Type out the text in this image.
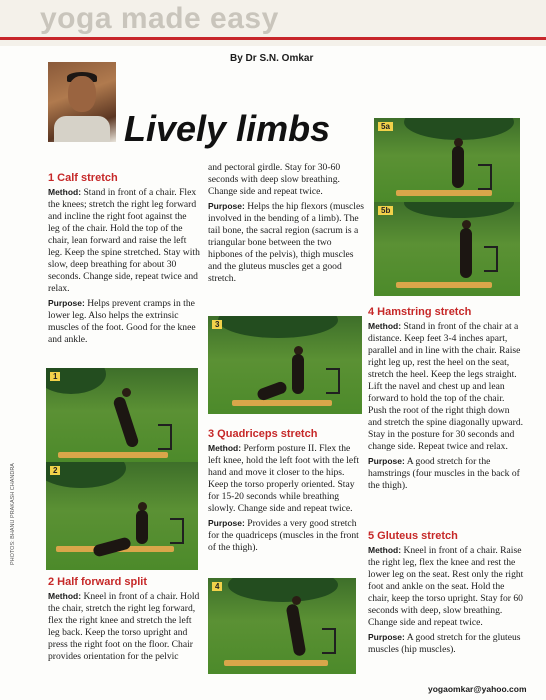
yoga made easy
By Dr S.N. Omkar
Lively limbs
1 Calf stretch

Method: Stand in front of a chair. Flex the knees; stretch the right leg forward and incline the right foot against the leg of the chair. Hold the top of the chair, lean forward and raise the left leg. Keep the spine stretched. Stay with slow, deep breathing for about 30 seconds. Change side, repeat twice and relax.

Purpose: Helps prevent cramps in the lower leg. Also helps the extrinsic muscles of the foot. Good for the knee and ankle.

1
2
PHOTOS: BHANU PRAKASH CHANDRA
2 Half forward split

Method: Kneel in front of a chair. Hold the chair, stretch the right leg forward, flex the right knee and stretch the left leg back. Keep the torso upright and press the right foot on the floor. Chair provides orientation for the pelvic

and pectoral girdle. Stay for 30-60 seconds with deep slow breathing. Change side and repeat twice.

Purpose: Helps the hip flexors (muscles involved in the bending of a limb). The tail bone, the sacral region (sacrum is a triangular bone between the two hipbones of the pelvis), thigh muscles and the gluteus muscles get a good stretch.

3
3 Quadriceps stretch

Method: Perform posture II. Flex the left knee, hold the left foot with the left hand and move it closer to the hips. Keep the torso properly oriented. Stay for 15-20 seconds while breathing slowly. Change side and repeat twice.

Purpose: Provides a very good stretch for the quadriceps (muscles in the front of the thigh).

4
5a
5b
4 Hamstring stretch

Method: Stand in front of the chair at a distance. Keep feet 3-4 inches apart, parallel and in line with the chair. Raise right leg up, rest the heel on the seat, stretch the heel. Keep the legs straight. Lift the navel and chest up and lean forward to hold the top of the chair. Push the root of the right thigh down and stretch the spine diagonally upward. Stay in the posture for 30 seconds and change side. Repeat twice and relax.

Purpose: A good stretch for the hamstrings (four muscles in the back of the thigh).

5 Gluteus stretch

Method: Kneel in front of a chair. Raise the right leg, flex the knee and rest the lower leg on the seat. Rest only the right foot and ankle on the seat. Hold the chair, keep the torso upright. Stay for 60 seconds with deep, slow breathing. Change side and repeat twice.

Purpose: A good stretch for the gluteus muscles (hip muscles).

yogaomkar@yahoo.com
